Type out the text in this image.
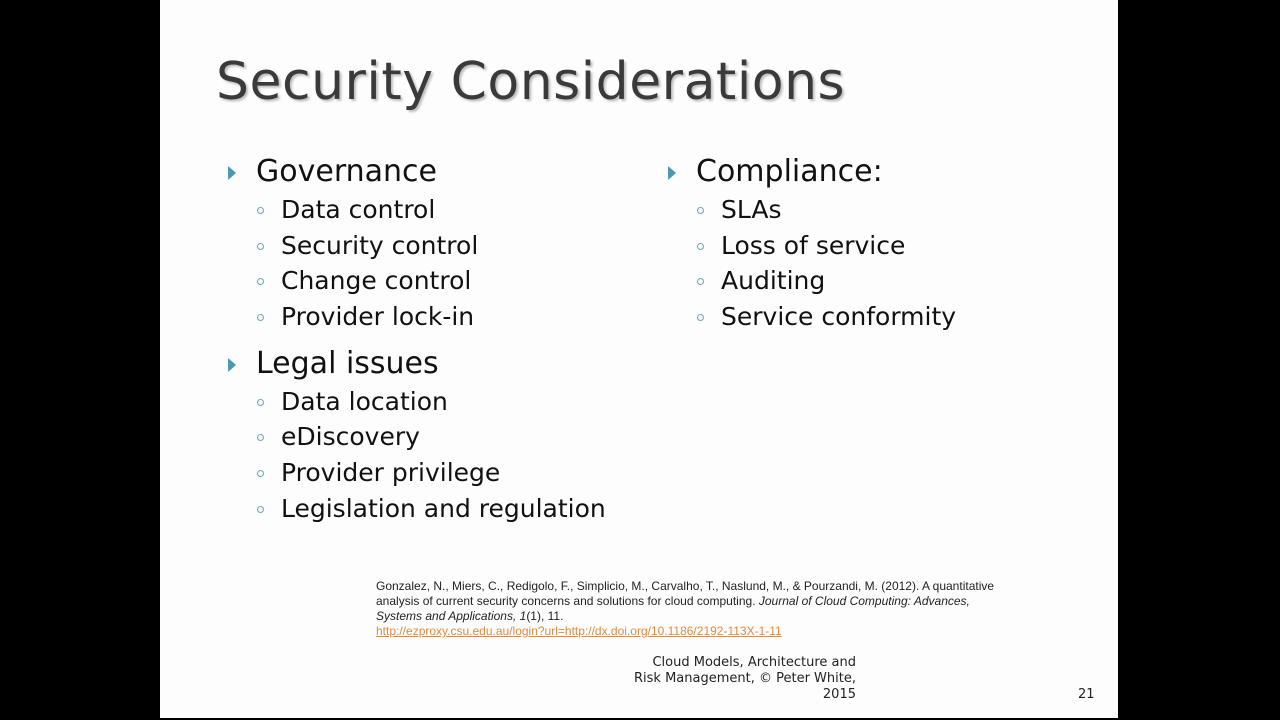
Security Considerations
Governance
Data control
Security control
Change control
Provider lock-in
Legal issues
Data location
eDiscovery
Provider privilege
Legislation and regulation
Compliance:
SLAs
Loss of service
Auditing
Service conformity
Gonzalez, N., Miers, C., Redigolo, F., Simplicio, M., Carvalho, T., Naslund, M., & Pourzandi, M. (2012). A quantitative analysis of current security concerns and solutions for cloud computing. Journal of Cloud Computing: Advances, Systems and Applications, 1(1), 11.
http://ezproxy.csu.edu.au/login?url=http://dx.doi.org/10.1186/2192-113X-1-11
Cloud Models, Architecture and
Risk Management, © Peter White,
2015	21
